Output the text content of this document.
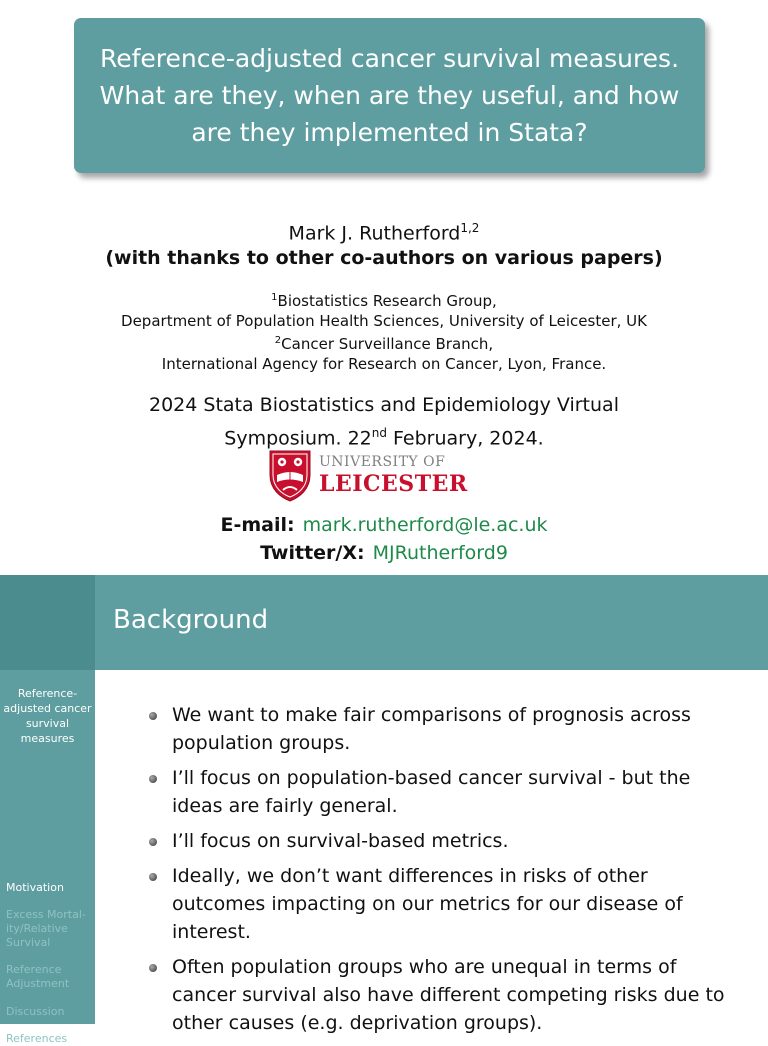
Reference-adjusted cancer survival measures.
What are they, when are they useful, and how
are they implemented in Stata?
Mark J. Rutherford$^{1,2}$
(with thanks to other co-authors on various papers)
$^1$Biostatistics Research Group,
Department of Population Health Sciences, University of Leicester, UK
$^2$Cancer Surveillance Branch,
International Agency for Research on Cancer, Lyon, France.
2024 Stata Biostatistics and Epidemiology Virtual
Symposium. 22nd February, 2024.
UNIVERSITY OF
LEICESTER
E-mail: mark.rutherford@le.ac.uk
Twitter/X: MJRutherford9
Background
Reference-adjusted cancer survival measures
Motivation
Excess Mortal-ity/Relative Survival
Reference Adjustment
Discussion
References
We want to make fair comparisons of prognosis across population groups.
I’ll focus on population-based cancer survival - but the ideas are fairly general.
I’ll focus on survival-based metrics.
Ideally, we don’t want differences in risks of other outcomes impacting on our metrics for our disease of interest.
Often population groups who are unequal in terms of cancer survival also have different competing risks due to other causes (e.g. deprivation groups).
